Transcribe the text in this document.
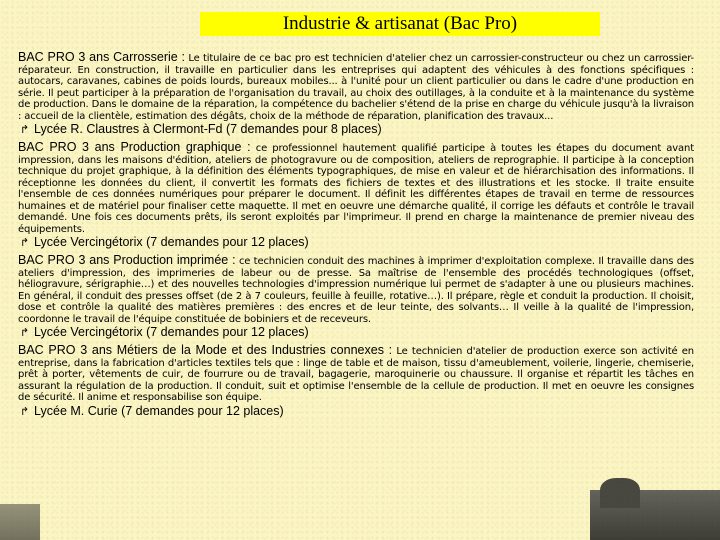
Industrie & artisanat (Bac Pro)

BAC PRO 3 ans Carrosserie : Le titulaire de ce bac pro est technicien d'atelier chez un carrossier-constructeur ou chez un carrossier-réparateur. En construction, il travaille en particulier dans les entreprises qui adaptent des véhicules à des fonctions spécifiques : autocars, caravanes, cabines de poids lourds, bureaux mobiles... à l'unité pour un client particulier ou dans le cadre d'une production en série. Il peut participer à la préparation de l'organisation du travail, au choix des outillages, à la conduite et à la maintenance du système de production. Dans le domaine de la réparation, la compétence du bachelier s'étend de la prise en charge du véhicule jusqu'à la livraison : accueil de la clientèle, estimation des dégâts, choix de la méthode de réparation, planification des travaux...

↱ Lycée R. Claustres à Clermont-Fd (7 demandes pour 8 places)

BAC PRO 3 ans Production graphique : ce professionnel hautement qualifié participe à toutes les étapes du document avant impression, dans les maisons d'édition, ateliers de photogravure ou de composition, ateliers de reprographie. Il participe à la conception technique du projet graphique, à la définition des éléments typographiques, de mise en valeur et de hiérarchisation des informations. Il réceptionne les données du client, il convertit les formats des fichiers de textes et des illustrations et les stocke. Il traite ensuite l'ensemble de ces données numériques pour préparer le document. Il définit les différentes étapes de travail en terme de ressources humaines et de matériel pour finaliser cette maquette. Il met en oeuvre une démarche qualité, il corrige les défauts et contrôle le travail demandé. Une fois ces documents prêts, ils seront exploités par l'imprimeur. Il prend en charge la maintenance de premier niveau des équipements.

↱ Lycée Vercingétorix (7 demandes pour 12 places)

BAC PRO 3 ans Production imprimée : ce technicien conduit des machines à imprimer d'exploitation complexe. Il travaille dans des ateliers d'impression, des imprimeries de labeur ou de presse. Sa maîtrise de l'ensemble des procédés technologiques (offset, héliogravure, sérigraphie…) et des nouvelles technologies d'impression numérique lui permet de s'adapter à une ou plusieurs machines. En général, il conduit des presses offset (de 2 à 7 couleurs, feuille à feuille, rotative…). Il prépare, règle et conduit la production. Il choisit, dose et contrôle la qualité des matières premières : des encres et de leur teinte, des solvants… Il veille à la qualité de l'impression, coordonne le travail de l'équipe constituée de bobiniers et de receveurs.

↱ Lycée Vercingétorix (7 demandes pour 12 places)

BAC PRO 3 ans Métiers de la Mode et des Industries connexes : Le technicien d'atelier de production exerce son activité en entreprise, dans la fabrication d'articles textiles tels que : linge de table et de maison, tissu d'ameublement, voilerie, lingerie, chemiserie, prêt à porter, vêtements de cuir, de fourrure ou de travail, bagagerie, maroquinerie ou chaussure. Il organise et répartit les tâches en assurant la régulation de la production. Il conduit, suit et optimise l'ensemble de la cellule de production. Il met en oeuvre les consignes de sécurité. Il anime et responsabilise son équipe.

↱ Lycée M. Curie (7 demandes pour 12 places)
